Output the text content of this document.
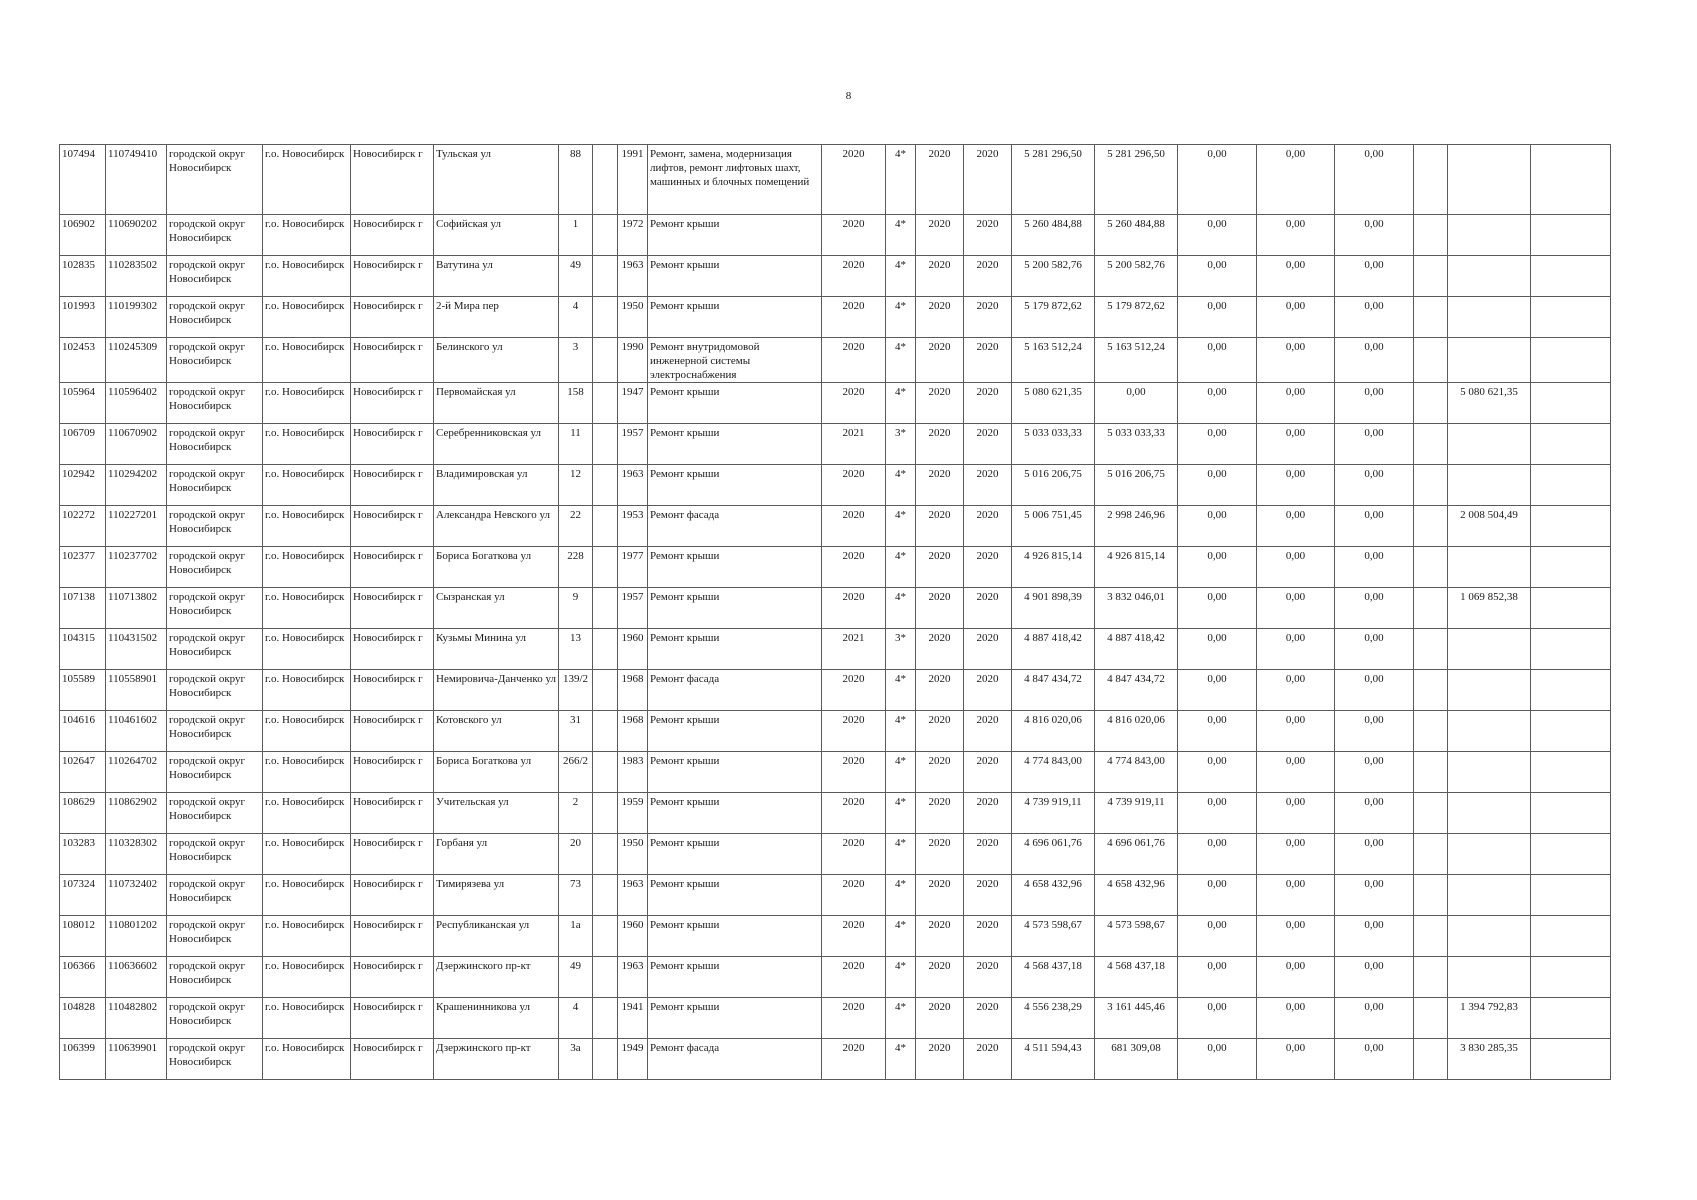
8
107494	110749410	городской округ Новосибирск	г.о. Новосибирск	Новосибирск г	Тульская ул	88		1991	Ремонт, замена, модернизация лифтов, ремонт лифтовых шахт, машинных и блочных помещений	2020	4*	2020	2020	5 281 296,50	5 281 296,50	0,00	0,00	0,00			
106902	110690202	городской округ Новосибирск	г.о. Новосибирск	Новосибирск г	Софийская ул	1		1972	Ремонт крыши	2020	4*	2020	2020	5 260 484,88	5 260 484,88	0,00	0,00	0,00			
102835	110283502	городской округ Новосибирск	г.о. Новосибирск	Новосибирск г	Ватутина ул	49		1963	Ремонт крыши	2020	4*	2020	2020	5 200 582,76	5 200 582,76	0,00	0,00	0,00			
101993	110199302	городской округ Новосибирск	г.о. Новосибирск	Новосибирск г	2-й Мира пер	4		1950	Ремонт крыши	2020	4*	2020	2020	5 179 872,62	5 179 872,62	0,00	0,00	0,00			
102453	110245309	городской округ Новосибирск	г.о. Новосибирск	Новосибирск г	Белинского ул	3		1990	Ремонт внутридомовой инженерной системы электроснабжения	2020	4*	2020	2020	5 163 512,24	5 163 512,24	0,00	0,00	0,00			
105964	110596402	городской округ Новосибирск	г.о. Новосибирск	Новосибирск г	Первомайская ул	158		1947	Ремонт крыши	2020	4*	2020	2020	5 080 621,35	0,00	0,00	0,00	0,00		5 080 621,35	
106709	110670902	городской округ Новосибирск	г.о. Новосибирск	Новосибирск г	Серебренниковская ул	11		1957	Ремонт крыши	2021	3*	2020	2020	5 033 033,33	5 033 033,33	0,00	0,00	0,00			
102942	110294202	городской округ Новосибирск	г.о. Новосибирск	Новосибирск г	Владимировская ул	12		1963	Ремонт крыши	2020	4*	2020	2020	5 016 206,75	5 016 206,75	0,00	0,00	0,00			
102272	110227201	городской округ Новосибирск	г.о. Новосибирск	Новосибирск г	Александра Невского ул	22		1953	Ремонт фасада	2020	4*	2020	2020	5 006 751,45	2 998 246,96	0,00	0,00	0,00		2 008 504,49	
102377	110237702	городской округ Новосибирск	г.о. Новосибирск	Новосибирск г	Бориса Богаткова ул	228		1977	Ремонт крыши	2020	4*	2020	2020	4 926 815,14	4 926 815,14	0,00	0,00	0,00			
107138	110713802	городской округ Новосибирск	г.о. Новосибирск	Новосибирск г	Сызранская ул	9		1957	Ремонт крыши	2020	4*	2020	2020	4 901 898,39	3 832 046,01	0,00	0,00	0,00		1 069 852,38	
104315	110431502	городской округ Новосибирск	г.о. Новосибирск	Новосибирск г	Кузьмы Минина ул	13		1960	Ремонт крыши	2021	3*	2020	2020	4 887 418,42	4 887 418,42	0,00	0,00	0,00			
105589	110558901	городской округ Новосибирск	г.о. Новосибирск	Новосибирск г	Немировича-Данченко ул	139/2		1968	Ремонт фасада	2020	4*	2020	2020	4 847 434,72	4 847 434,72	0,00	0,00	0,00			
104616	110461602	городской округ Новосибирск	г.о. Новосибирск	Новосибирск г	Котовского ул	31		1968	Ремонт крыши	2020	4*	2020	2020	4 816 020,06	4 816 020,06	0,00	0,00	0,00			
102647	110264702	городской округ Новосибирск	г.о. Новосибирск	Новосибирск г	Бориса Богаткова ул	266/2		1983	Ремонт крыши	2020	4*	2020	2020	4 774 843,00	4 774 843,00	0,00	0,00	0,00			
108629	110862902	городской округ Новосибирск	г.о. Новосибирск	Новосибирск г	Учительская ул	2		1959	Ремонт крыши	2020	4*	2020	2020	4 739 919,11	4 739 919,11	0,00	0,00	0,00			
103283	110328302	городской округ Новосибирск	г.о. Новосибирск	Новосибирск г	Горбаня ул	20		1950	Ремонт крыши	2020	4*	2020	2020	4 696 061,76	4 696 061,76	0,00	0,00	0,00			
107324	110732402	городской округ Новосибирск	г.о. Новосибирск	Новосибирск г	Тимирязева ул	73		1963	Ремонт крыши	2020	4*	2020	2020	4 658 432,96	4 658 432,96	0,00	0,00	0,00			
108012	110801202	городской округ Новосибирск	г.о. Новосибирск	Новосибирск г	Республиканская ул	1а		1960	Ремонт крыши	2020	4*	2020	2020	4 573 598,67	4 573 598,67	0,00	0,00	0,00			
106366	110636602	городской округ Новосибирск	г.о. Новосибирск	Новосибирск г	Дзержинского пр-кт	49		1963	Ремонт крыши	2020	4*	2020	2020	4 568 437,18	4 568 437,18	0,00	0,00	0,00			
104828	110482802	городской округ Новосибирск	г.о. Новосибирск	Новосибирск г	Крашенинникова ул	4		1941	Ремонт крыши	2020	4*	2020	2020	4 556 238,29	3 161 445,46	0,00	0,00	0,00		1 394 792,83	
106399	110639901	городской округ Новосибирск	г.о. Новосибирск	Новосибирск г	Дзержинского пр-кт	3а		1949	Ремонт фасада	2020	4*	2020	2020	4 511 594,43	681 309,08	0,00	0,00	0,00		3 830 285,35	
